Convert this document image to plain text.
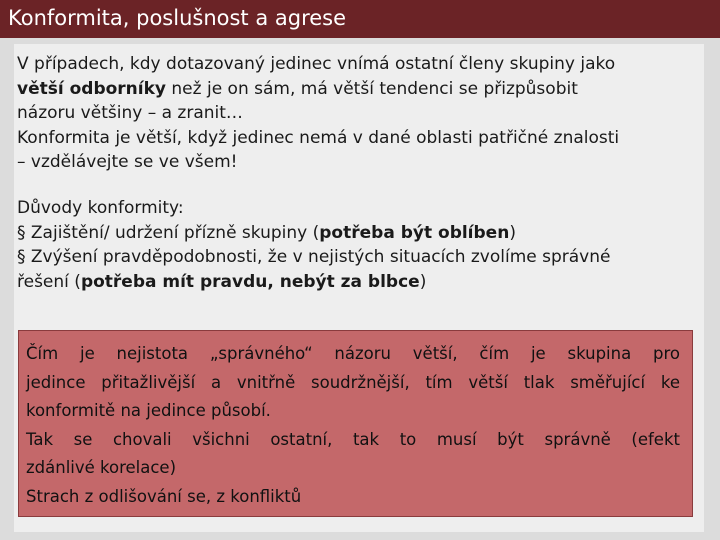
Konformita, poslušnost a agrese
V případech, kdy dotazovaný jedinec vnímá ostatní členy skupiny jako
větší odborníky než je on sám, má větší tendenci se přizpůsobit
názoru většiny – a zranit…
Konformita je větší, když jedinec nemá v dané oblasti patřičné znalosti
– vzdělávejte se ve všem!
Důvody konformity:
§ Zajištění/ udržení přízně skupiny (potřeba být oblíben)
§ Zvýšení pravděpodobnosti, že v nejistých situacích zvolíme správné
řešení (potřeba mít pravdu, nebýt za blbce)
Čím je nejistota „správného“ názoru větší, čím je skupina pro
jedince přitažlivější a vnitřně soudržnější, tím větší tlak směřující ke
konformitě na jedince působí.
Tak se chovali všichni ostatní, tak to musí být správně (efekt
zdánlivé korelace)
Strach z odlišování se, z konfliktů
